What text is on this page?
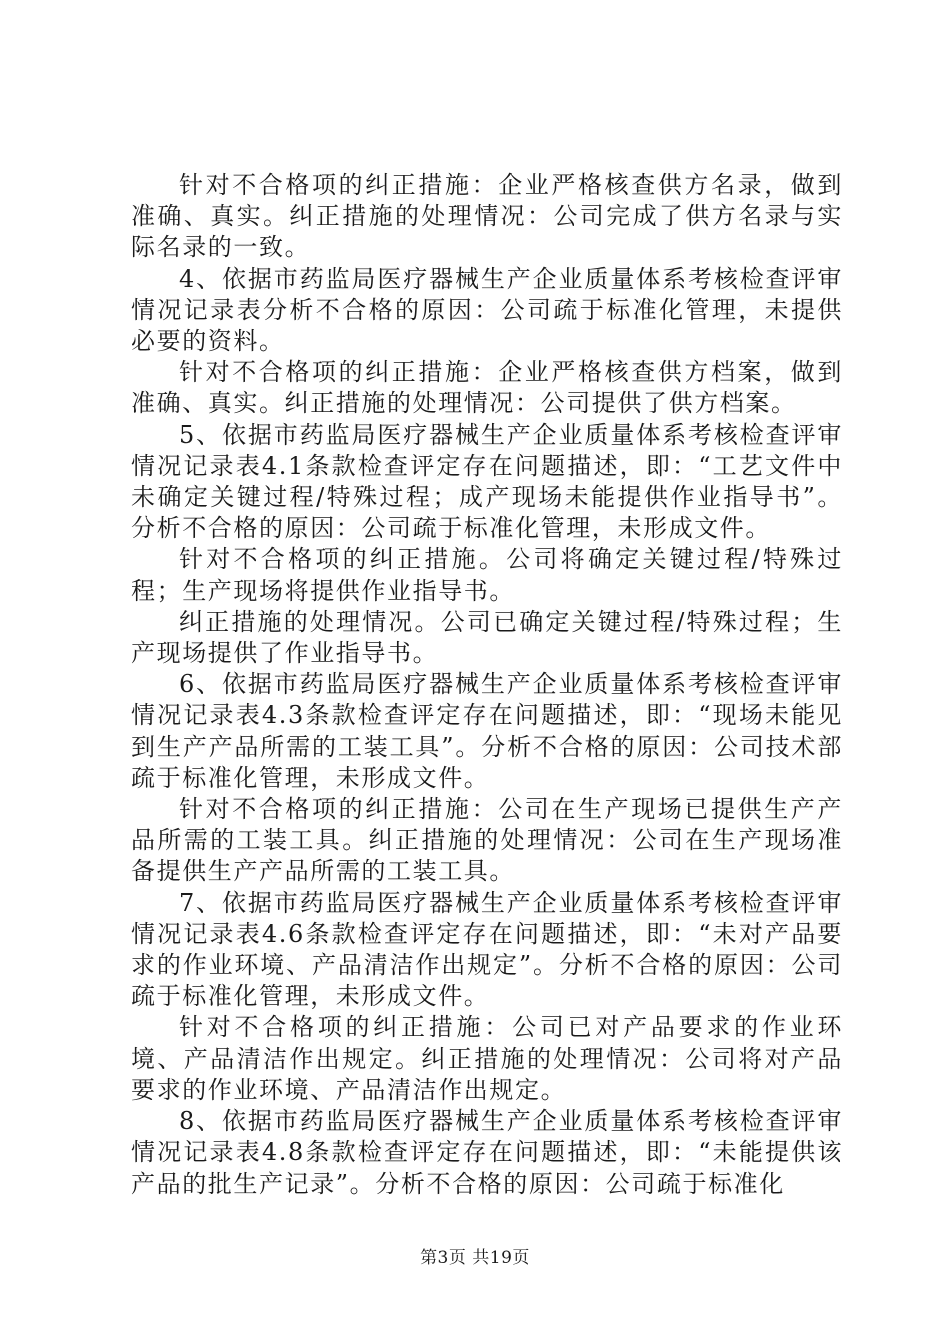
针对不合格项的纠正措施：企业严格核查供方名录，做到准确、真实。纠正措施的处理情况：公司完成了供方名录与实际名录的一致。

4、依据市药监局医疗器械生产企业质量体系考核检查评审情况记录表分析不合格的原因：公司疏于标准化管理，未提供必要的资料。

针对不合格项的纠正措施：企业严格核查供方档案，做到准确、真实。纠正措施的处理情况：公司提供了供方档案。

5、依据市药监局医疗器械生产企业质量体系考核检查评审情况记录表4.1条款检查评定存在问题描述，即：“工艺文件中未确定关键过程/特殊过程；成产现场未能提供作业指导书”。分析不合格的原因：公司疏于标准化管理，未形成文件。

针对不合格项的纠正措施。公司将确定关键过程/特殊过程；生产现场将提供作业指导书。

纠正措施的处理情况。公司已确定关键过程/特殊过程；生产现场提供了作业指导书。

6、依据市药监局医疗器械生产企业质量体系考核检查评审情况记录表4.3条款检查评定存在问题描述，即：“现场未能见到生产产品所需的工装工具”。分析不合格的原因：公司技术部疏于标准化管理，未形成文件。

针对不合格项的纠正措施：公司在生产现场已提供生产产品所需的工装工具。纠正措施的处理情况：公司在生产现场准备提供生产产品所需的工装工具。

7、依据市药监局医疗器械生产企业质量体系考核检查评审情况记录表4.6条款检查评定存在问题描述，即：“未对产品要求的作业环境、产品清洁作出规定”。分析不合格的原因：公司疏于标准化管理，未形成文件。

针对不合格项的纠正措施：公司已对产品要求的作业环境、产品清洁作出规定。纠正措施的处理情况：公司将对产品要求的作业环境、产品清洁作出规定。

8、依据市药监局医疗器械生产企业质量体系考核检查评审情况记录表4.8条款检查评定存在问题描述，即：“未能提供该产品的批生产记录”。分析不合格的原因：公司疏于标准化

第3页 共19页
